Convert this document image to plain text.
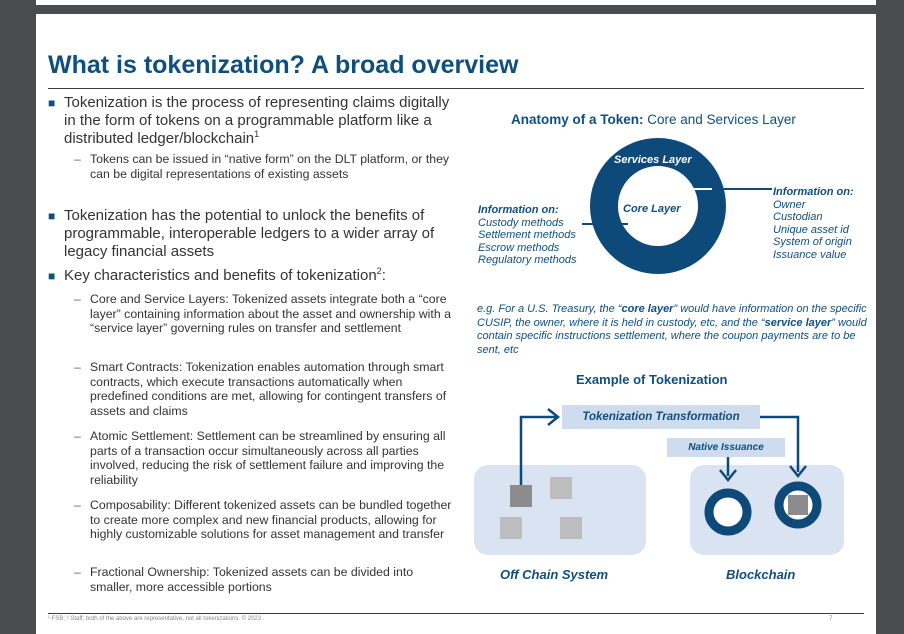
What is tokenization? A broad overview
■ Tokenization is the process of representing claims digitally in the form of tokens on a programmable platform like a distributed ledger/blockchain$^1$
– Tokens can be issued in “native form” on the DLT platform, or they can be digital representations of existing assets
■ Tokenization has the potential to unlock the benefits of programmable, interoperable ledgers to a wider array of legacy financial assets
■ Key characteristics and benefits of tokenization$^2$:
– Core and Service Layers: Tokenized assets integrate both a “core layer” containing information about the asset and ownership with a “service layer” governing rules on transfer and settlement
– Smart Contracts: Tokenization enables automation through smart contracts, which execute transactions automatically when predefined conditions are met, allowing for contingent transfers of assets and claims
– Atomic Settlement: Settlement can be streamlined by ensuring all parts of a transaction occur simultaneously across all parties involved, reducing the risk of settlement failure and improving the reliability
– Composability: Different tokenized assets can be bundled together to create more complex and new financial products, allowing for highly customizable solutions for asset management and transfer
– Fractional Ownership: Tokenized assets can be divided into smaller, more accessible portions
Anatomy of a Token: Core and Services Layer
Services Layer
Core Layer
Information on:
Custody methods
Settlement methods
Escrow methods
Regulatory methods
Information on:
Owner
Custodian
Unique asset id
System of origin
Issuance value
e.g. For a U.S. Treasury, the “core layer” would have information on the specific CUSIP, the owner, where it is held in custody, etc, and the “service layer” would contain specific instructions settlement, where the coupon payments are to be sent, etc
Example of Tokenization
Tokenization Transformation
Native Issuance
Off Chain System	Blockchain
¹ FSB; ² Staff; both of the above are representative, not all tokenizations. © 2023	7
